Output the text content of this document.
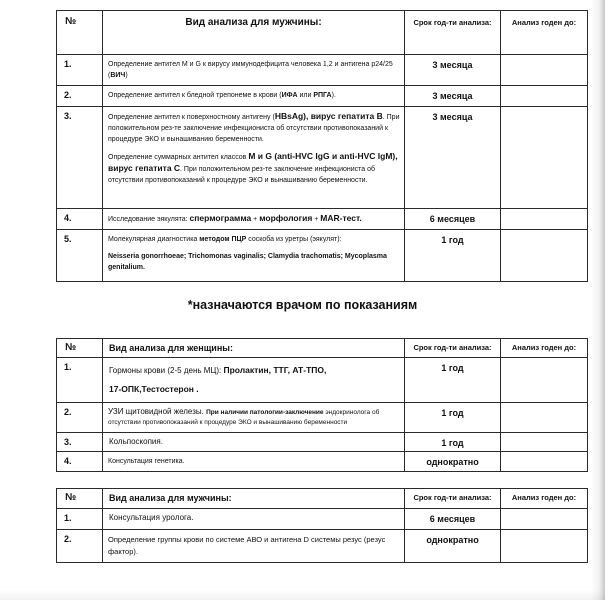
№	Вид анализа для мужчины:	Срок год-ти анализа:	Анализ годен до:
1.	Определение антител M и G к вирусу иммунодефицита человека 1,2 и антигена p24/25 (ВИЧ)	3 месяца	
2.	Определение антител к бледной трепонеме в крови (ИФА или РПГА).	3 месяца	
3.	Определение антител к поверхностному антигену (HBsAg), вирус гепатита В. При положительном рез-те заключение инфекциониста об отсутствии противопоказаний к процедуре ЭКО и вынашиванию беременности.

Определение суммарных антител классов M и G (anti-HVC IgG и anti-HVC IgM), вирус гепатита С. При положительном рез-те заключение инфекциониста об отсутствии противопоказаний к процедуре ЭКО и вынашиванию беременности.	3 месяца	
4.	Исследование эякулята: спермограмма + морфология + MAR-тест.	6 месяцев	
5.	Молекулярная диагностика методом ПЦР соскоба из уретры (эякулят):

Neisseria gonorrhoeae; Trichomonas vaginalis; Clamydia trachomatis; Mycoplasma genitalium.	1 год	
*назначаются врачом по показаниям
№	Вид анализа для женщины:	Срок год-ти анализа:	Анализ годен до:
1.	Гормоны крови (2-5 день МЦ): Пролактин, ТТГ, АТ-ТПО,
17-ОПК,Тестостерон .	1 год	
2.	УЗИ щитовидной железы. При наличии патологии-заключение эндокринолога об отсутствии противопоказаний к процедуре ЭКО и вынашиванию беременности	1 год	
3.	Кольпоскопия.	1 год	
4.	Консультация генетика.	однократно	
№	Вид анализа для мужчины:	Срок год-ти анализа:	Анализ годен до:
1.	Консультация уролога.	6 месяцев	
2.	Определение группы крови по системе АВО и антигена D системы резус (резус фактор).	однократно	
